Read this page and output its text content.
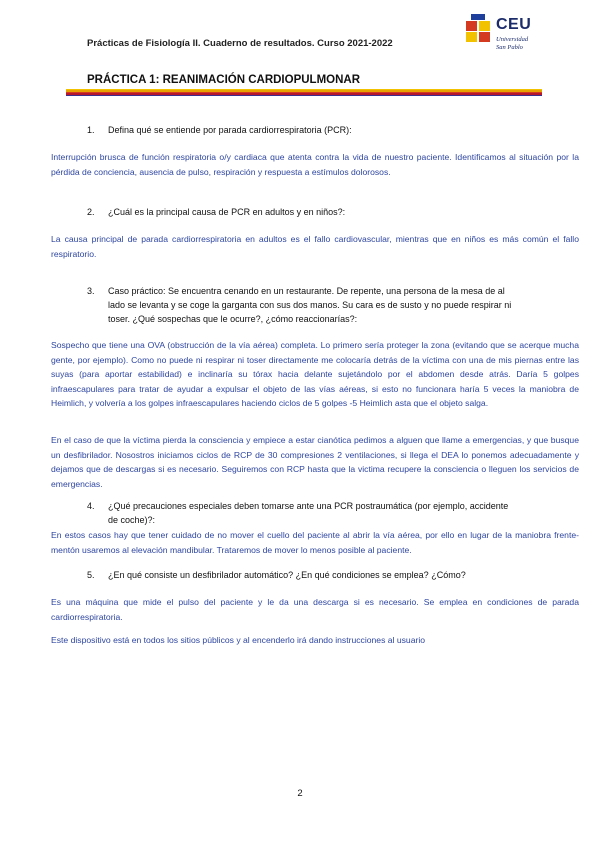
Prácticas de Fisiología II. Cuaderno de resultados. Curso 2021-2022
CEU
Universidad
San Pablo
PRÁCTICA 1: REANIMACIÓN CARDIOPULMONAR
1. Defina qué se entiende por parada cardiorrespiratoria (PCR):
Interrupción brusca de función respiratoria o/y cardiaca que atenta contra la vida de nuestro paciente. Identificamos al situación por la pérdida de conciencia, ausencia de pulso, respiración y respuesta a estímulos dolorosos.
2. ¿Cuál es la principal causa de PCR en adultos y en niños?:
La causa principal de parada cardiorrespiratoria en adultos es el fallo cardiovascular, mientras que en niños es más común el fallo respiratorio.
3. Caso práctico: Se encuentra cenando en un restaurante. De repente, una persona de la mesa de al lado se levanta y se coge la garganta con sus dos manos. Su cara es de susto y no puede respirar ni toser. ¿Qué sospechas que le ocurre?, ¿cómo reaccionarías?:
Sospecho que tiene una OVA (obstrucción de la vía aérea) completa. Lo primero sería proteger la zona (evitando que se acerque mucha gente, por ejemplo). Como no puede ni respirar ni toser directamente me colocaría detrás de la víctima con una de mis piernas entre las suyas (para aportar estabilidad) e inclinaría su tórax hacia delante sujetándolo por el abdomen desde atrás. Daría 5 golpes infraescapulares para tratar de ayudar a expulsar el objeto de las vías aéreas, si esto no funcionara haría 5 veces la maniobra de Heimlich, y volvería a los golpes infraescapulares haciendo ciclos de 5 golpes -5 Heimlich asta que el objeto salga.
En el caso de que la víctima pierda la consciencia y empiece a estar cianótica pedimos a alguen que llame a emergencias, y que busque un desfibrilador. Nosostros iniciamos ciclos de RCP de 30 compresiones 2 ventilaciones, si llega el DEA lo ponemos adecuadamente y dejamos que de descargas si es necesario. Seguiremos con RCP hasta que la victima recupere la consciencia o lleguen los servicios de emergencias.
4. ¿Qué precauciones especiales deben tomarse ante una PCR postraumática (por ejemplo, accidente de coche)?:
En estos casos hay que tener cuidado de no mover el cuello del paciente al abrir la vía aérea, por ello en lugar de la maniobra frente-mentón usaremos al elevación mandibular. Trataremos de mover lo menos posible al paciente.
5. ¿En qué consiste un desfibrilador automático? ¿En qué condiciones se emplea? ¿Cómo?
Es una máquina que mide el pulso del paciente y le da una descarga si es necesario. Se emplea en condiciones de parada cardiorrespiratoria.
Este dispositivo está en todos los sitios públicos y al encenderlo irá dando instrucciones al usuario
2
